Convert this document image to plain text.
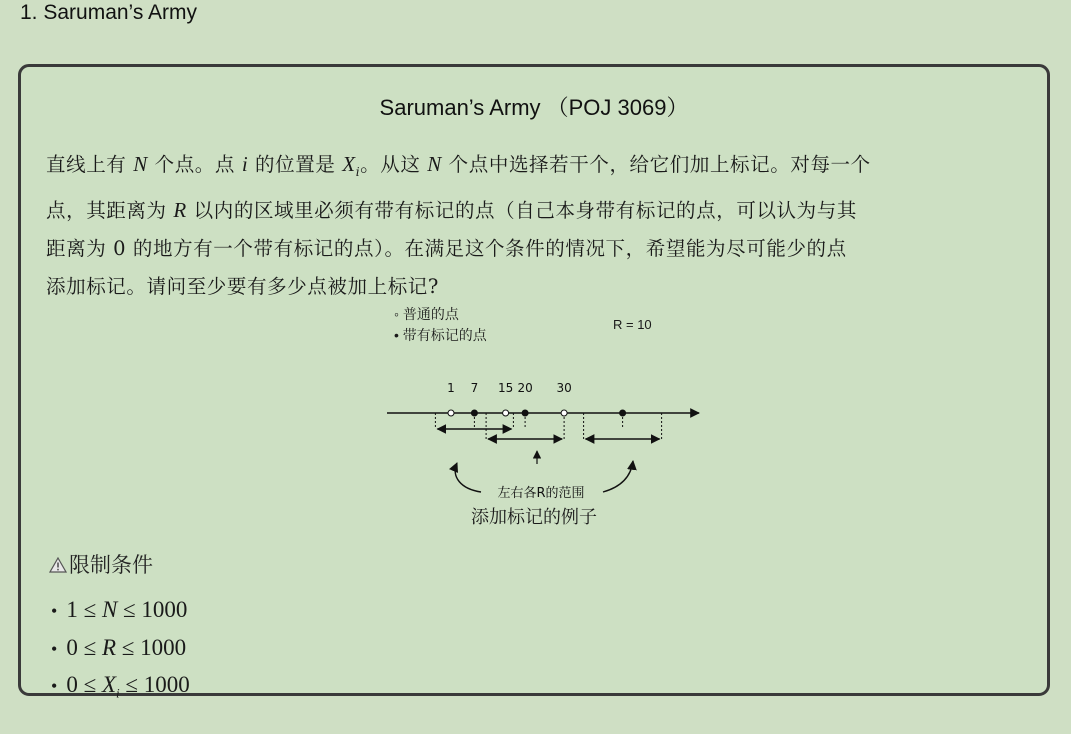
1. Saruman’s Army
Saruman’s Army （POJ 3069）
直线上有 N 个点。点 i 的位置是 $X_i$。从这 N 个点中选择若干个，给它们加上标记。对每一个
点，其距离为 R 以内的区域里必须有带有标记的点（自己本身带有标记的点，可以认为与其
距离为 0 的地方有一个带有标记的点）。在满足这个条件的情况下，希望能为尽可能少的点
添加标记。请问至少要有多少点被加上标记?
◦ 普通的点
• 带有标记的点
R = 10
1 7 15 20 30
左右各R的范围
添加标记的例子
限制条件
• 1 ≤ N ≤ 1000
• 0 ≤ R ≤ 1000
• $0 \le X_i \le 1000$
